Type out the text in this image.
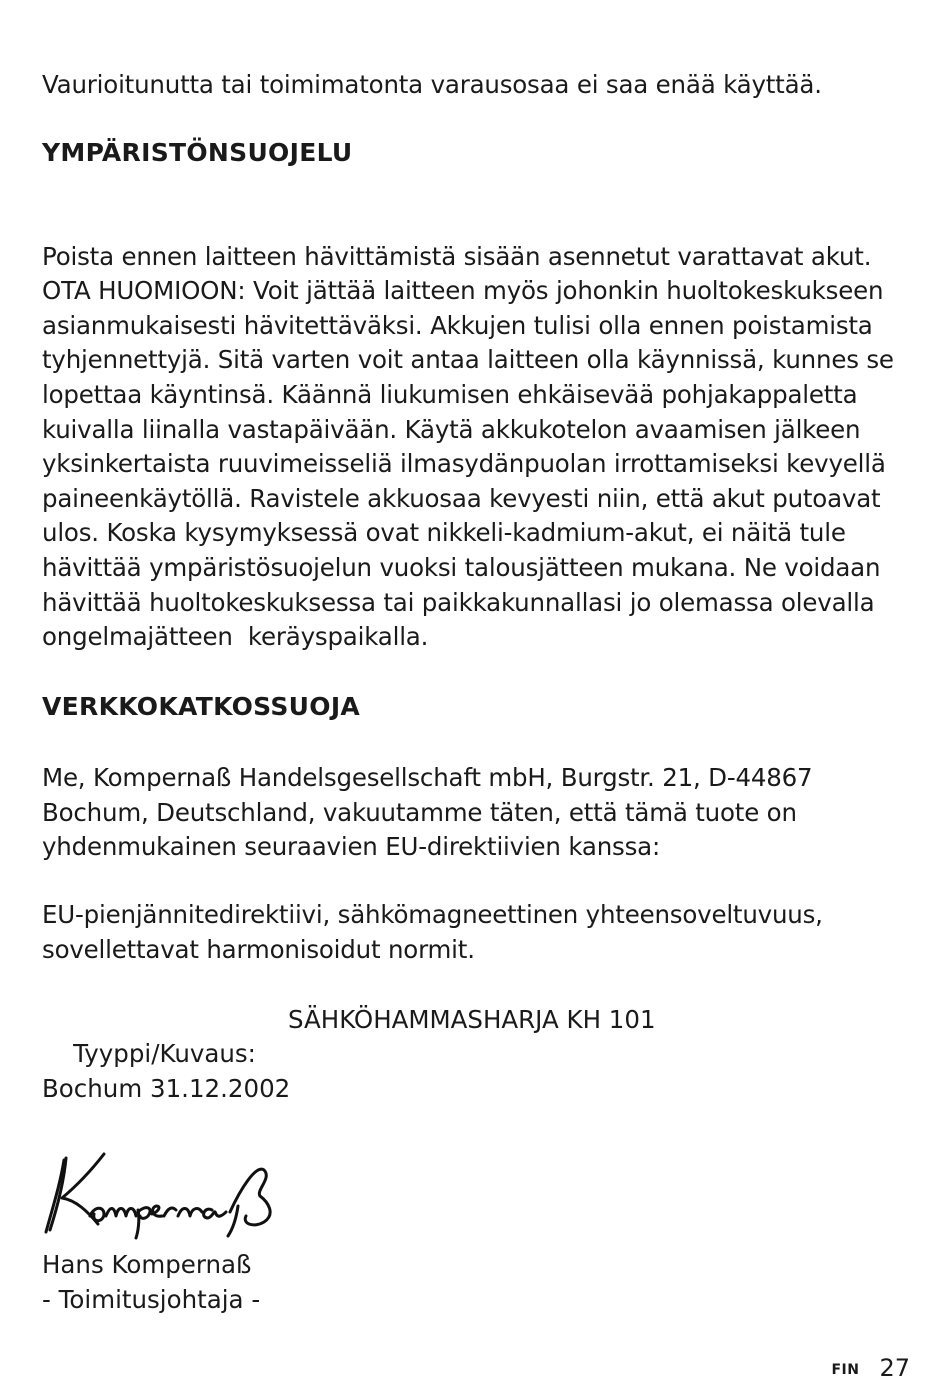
Vaurioitunutta tai toimimatonta varausosaa ei saa enää käyttää.

YMPÄRISTÖNSUOJELU

Poista ennen laitteen hävittämistä sisään asennetut varattavat akut.
OTA HUOMIOON: Voit jättää laitteen myös johonkin huoltokeskukseen
asianmukaisesti hävitettäväksi. Akkujen tulisi olla ennen poistamista
tyhjennettyjä. Sitä varten voit antaa laitteen olla käynnissä, kunnes se
lopettaa käyntinsä. Käännä liukumisen ehkäisevää pohjakappaletta
kuivalla liinalla vastapäivään. Käytä akkukotelon avaamisen jälkeen
yksinkertaista ruuvimeisseliä ilmasydänpuolan irrottamiseksi kevyellä
paineenkäytöllä. Ravistele akkuosaa kevyesti niin, että akut putoavat
ulos. Koska kysymyksessä ovat nikkeli-kadmium-akut, ei näitä tule
hävittää ympäristösuojelun vuoksi talousjätteen mukana. Ne voidaan
hävittää huoltokeskuksessa tai paikkakunnallasi jo olemassa olevalla
ongelmajätteen  keräyspaikalla.

VERKKOKATKOSSUOJA

Me, Kompernaß Handelsgesellschaft mbH, Burgstr. 21, D-44867
Bochum, Deutschland, vakuutamme täten, että tämä tuote on
yhdenmukainen seuraavien EU-direktiivien kanssa:

EU-pienjännitedirektiivi, sähkömagneettinen yhteensoveltuvuus,
sovellettavat harmonisoidut normit.

Tyyppi/Kuvaus:

SÄHKÖHAMMASHARJA KH 101

Bochum 31.12.2002
Hans Kompernaß
- Toimitusjohtaja -
FIN 27
